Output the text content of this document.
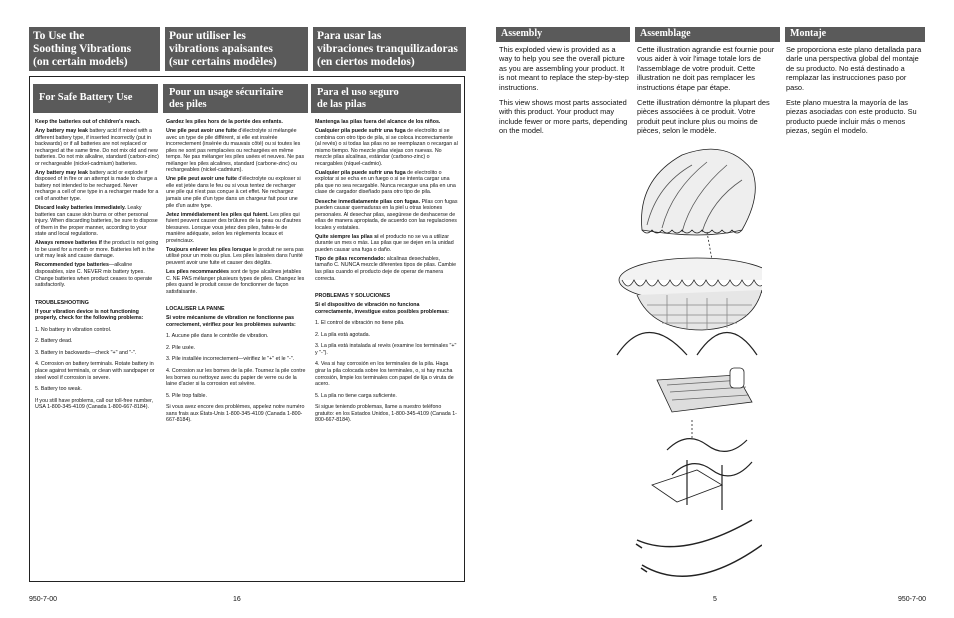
To Use the
Soothing Vibrations
(on certain models)
Pour utiliser les
vibrations apaisantes
(sur certains modèles)
Para usar las
vibraciones tranquilizadoras
(en ciertos modelos)
For Safe Battery Use	Pour un usage sécuritaire
des piles
Para el uso seguro
de las pilas

Keep the batteries out of children's reach.

Any battery may leak battery acid if mixed with a different battery type, if inserted incorrectly (put in backwards) or if all batteries are not replaced or recharged at the same time. Do not mix old and new batteries. Do not mix alkaline, standard (carbon-zinc) or rechargeable (nickel-cadmium) batteries.

Any battery may leak battery acid or explode if disposed of in fire or an attempt is made to charge a battery not intended to be recharged. Never recharge a cell of one type in a recharger made for a cell of another type.

Discard leaky batteries immediately. Leaky batteries can cause skin burns or other personal injury. When discarding batteries, be sure to dispose of them in the proper manner, according to your state and local regulations.

Always remove batteries if the product is not going to be used for a month or more. Batteries left in the unit may leak and cause damage.

Recommended type batteries—alkaline disposables, size C. NEVER mix battery types. Change batteries when product ceases to operate satisfactorily.

TROUBLESHOOTING

If your vibration device is not functioning properly, check for the following problems:

1. No battery in vibration control.

2. Battery dead.

3. Battery in backwards—check "+" and "-".

4. Corrosion on battery terminals. Rotate battery in place against terminals, or clean with sandpaper or steel wool if corrosion is severe.

5. Battery too weak.

If you still have problems, call our toll-free number, USA 1-800-345-4109 (Canada 1-800-667-8184).

Gardez les piles hors de la portée des enfants.

Une pile peut avoir une fuite d'électrolyte si mélangée avec un type de pile différent, si elle est insérée incorrectement (insérée du mauvais côté) ou si toutes les piles ne sont pas remplacées ou rechargées en même temps. Ne pas mélanger les piles usées et neuves. Ne pas mélanger les piles alcalines, standard (carbone-zinc) ou rechargeables (nickel-cadmium).

Une pile peut avoir une fuite d'électrolyte ou exploser si elle est jetée dans le feu ou si vous tentez de recharger une pile qui n'est pas conçue à cet effet. Ne rechargez jamais une pile d'un type dans un chargeur fait pour une pile d'un autre type.

Jetez immédiatement les piles qui fuient. Les piles qui fuient peuvent causer des brûlures de la peau ou d'autres blessures. Lorsque vous jetez des piles, faites-le de manière adéquate, selon les règlements locaux et provinciaux.

Toujours enlever les piles lorsque le produit ne sera pas utilisé pour un mois ou plus. Les piles laissées dans l'unité peuvent avoir une fuite et causer des dégâts.

Les piles recommandées sont de type alcalines jetables C. NE PAS mélanger plusieurs types de piles. Changez les piles quand le produit cesse de fonctionner de façon satisfaisante.

LOCALISER LA PANNE

Si votre mécanisme de vibration ne fonctionne pas correctement, vérifiez pour les problèmes suivants:

1. Aucune pile dans le contrôle de vibration.

2. Pile usée.

3. Pile installée incorrectement—vérifiez le "+" et le "-".

4. Corrosion sur les bornes de la pile. Tournez la pile contre les bornes ou nettoyez avec du papier de verre ou de la laine d'acier si la corrosion est sévère.

5. Pile trop faible.

Si vous avez encore des problèmes, appelez notre numéro sans frais aux États-Unis 1-800-345-4109 (Canada 1-800-667-8184).

Mantenga las pilas fuera del alcance de los niños.

Cualquier pila puede sufrir una fuga de electrolito si se combina con otro tipo de pila, si se coloca incorrectamente (al revés) o si todas las pilas no se reemplazan o recargan al mismo tiempo. No mezcle pilas viejas con nuevas. No mezcle pilas alcalinas, estándar (carbono-zinc) o recargables (níquel-cadmio).

Cualquier pila puede sufrir una fuga de electrolito o explotar si se echa en un fuego o si se intenta cargar una pila que no sea recargable. Nunca recargue una pila en una clase de cargador diseñado para otro tipo de pila.

Deseche inmediatamente pilas con fugas. Pilas con fugas pueden causar quemaduras en la piel u otras lesiones personales. Al desechar pilas, asegúrese de deshacerse de ellas de manera apropiada, de acuerdo con las regulaciones locales y estatales.

Quite siempre las pilas si el producto no se va a utilizar durante un mes o más. Las pilas que se dejen en la unidad pueden causar una fuga o daño.

Tipo de pilas recomendado: alcalinas desechables, tamaño C. NUNCA mezcle diferentes tipos de pilas. Cambie las pilas cuando el producto deje de operar de manera correcta.

PROBLEMAS Y SOLUCIONES

Si el dispositivo de vibración no funciona correctamente, investigue estos posibles problemas:

1. El control de vibración no tiene pila.

2. La pila está agotada.

3. La pila está instalada al revés (examine los terminales "+" y "-").

4. Vea si hay corrosión en los terminales de la pila. Haga girar la pila colocada sobre los terminales, o, si hay mucha corrosión, limpie los terminales con papel de lija o viruta de acero.

5. La pila no tiene carga suficiente.

Si sigue teniendo problemas, llame a nuestro teléfono gratuito: en los Estados Unidos, 1-800-345-4109 (Canada 1-800-667-8184).

Assembly	Assemblage	Montaje

This exploded view is provided as a way to help you see the overall picture as you are assembling your product. It is not meant to replace the step-by-step instructions.

This view shows most parts associated with this product. Your product may include fewer or more parts, depending on the model.

Cette illustration agrandie est fournie pour vous aider à voir l'image totale lors de l'assemblage de votre produit. Cette illustration ne doit pas remplacer les instructions étape par étape.

Cette illustration démontre la plupart des pièces associées à ce produit. Votre produit peut inclure plus ou moins de pièces, selon le modèle.

Se proporciona este plano detallada para darle una perspectiva global del montaje de su producto. No está destinado a remplazar las instrucciones paso por paso.

Este plano muestra la mayoría de las piezas asociadas con este producto. Su producto puede incluir más o menos piezas, según el modelo.

950-7-00	16	5	950-7-00
